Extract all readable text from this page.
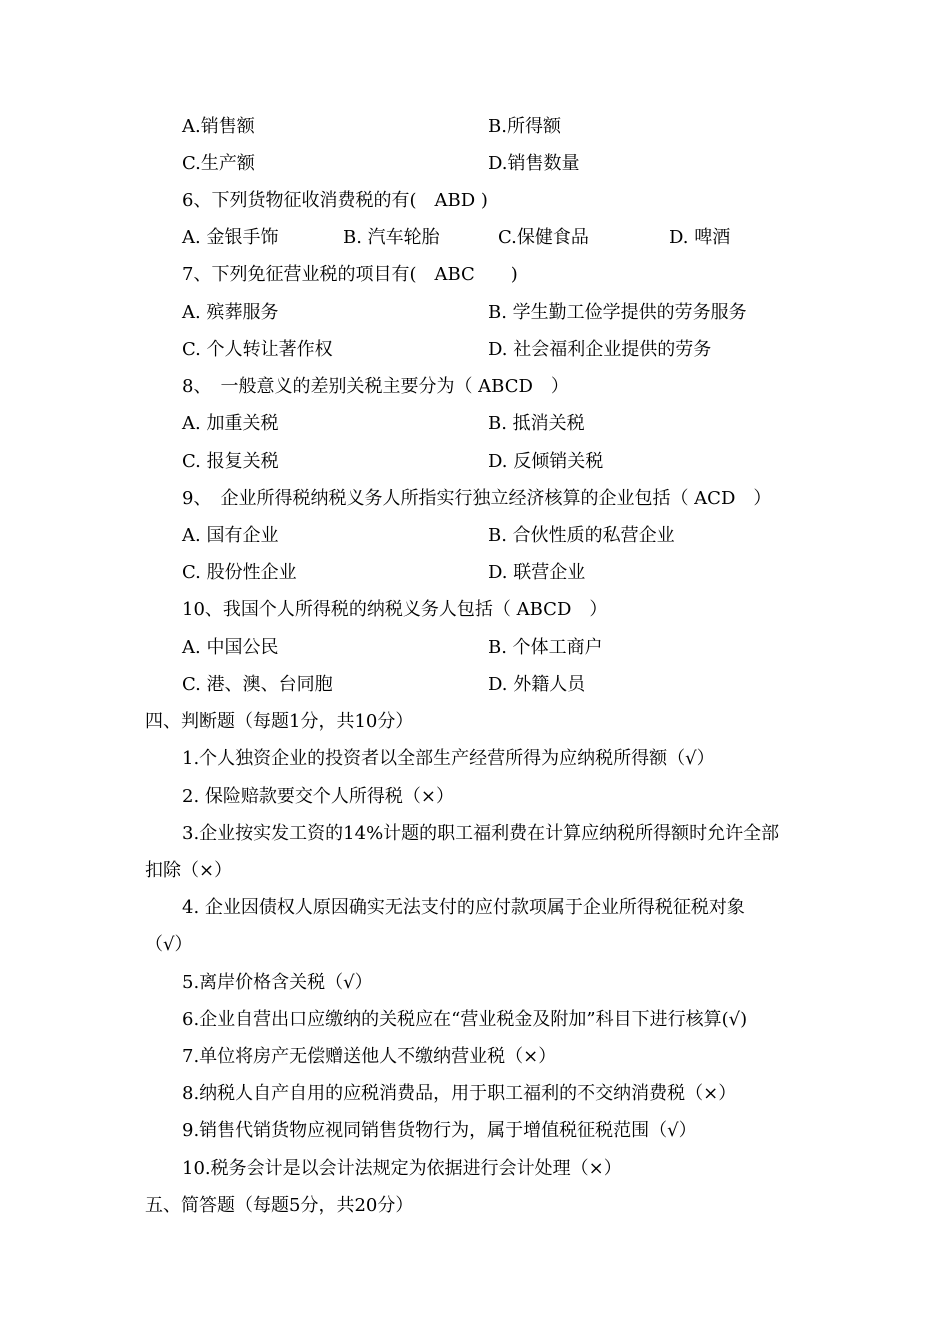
A.销售额	B.所得额
C.生产额	D.销售数量
6、下列货物征收消费税的有(　ABD )
A. 金银手饰	B. 汽车轮胎	C.保健食品	D. 啤酒
7、下列免征营业税的项目有(　ABC　　)
A. 殡葬服务	B. 学生勤工俭学提供的劳务服务
C. 个人转让著作权	D. 社会福利企业提供的劳务
8、　一般意义的差别关税主要分为（ ABCD　）
A. 加重关税	B. 抵消关税
C. 报复关税	D. 反倾销关税
9、　企业所得税纳税义务人所指实行独立经济核算的企业包括（ ACD　）
A. 国有企业	B. 合伙性质的私营企业
C. 股份性企业	D. 联营企业
10、我国个人所得税的纳税义务人包括（ ABCD　）
A. 中国公民	B. 个体工商户
C. 港、澳、台同胞	D. 外籍人员
四、判断题（每题1分，共10分）
1.个人独资企业的投资者以全部生产经营所得为应纳税所得额（√）
2. 保险赔款要交个人所得税（×）
3.企业按实发工资的14%计题的职工福利费在计算应纳税所得额时允许全部
扣除（×）
4. 企业因债权人原因确实无法支付的应付款项属于企业所得税征税对象
（√）
5.离岸价格含关税（√）
6.企业自营出口应缴纳的关税应在“营业税金及附加”科目下进行核算(√)
7.单位将房产无偿赠送他人不缴纳营业税（×）
8.纳税人自产自用的应税消费品，用于职工福利的不交纳消费税（×）
9.销售代销货物应视同销售货物行为，属于增值税征税范围（√）
10.税务会计是以会计法规定为依据进行会计处理（×）
五、简答题（每题5分，共20分）
